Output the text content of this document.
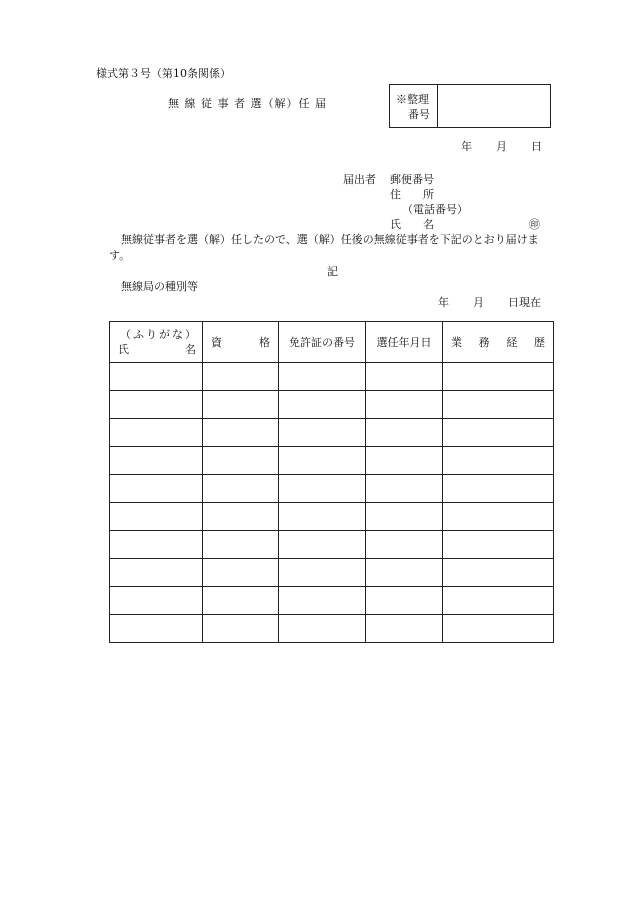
様式第３号（第10条関係）
無 線 従 事 者 選（解）任 届	※整理
番号
年 月 日
届出者 郵便番号
住　　所
（電話番号）
氏　　名	㊞
無線従事者を選（解）任したので、選（解）任後の無線従事者を下記のとおり届けま
す。
記
無線局の種別等
年 月 日現在
（ふりがな）
氏 名	資 格	免許証の番号	選任年月日	業 務 経 歴
